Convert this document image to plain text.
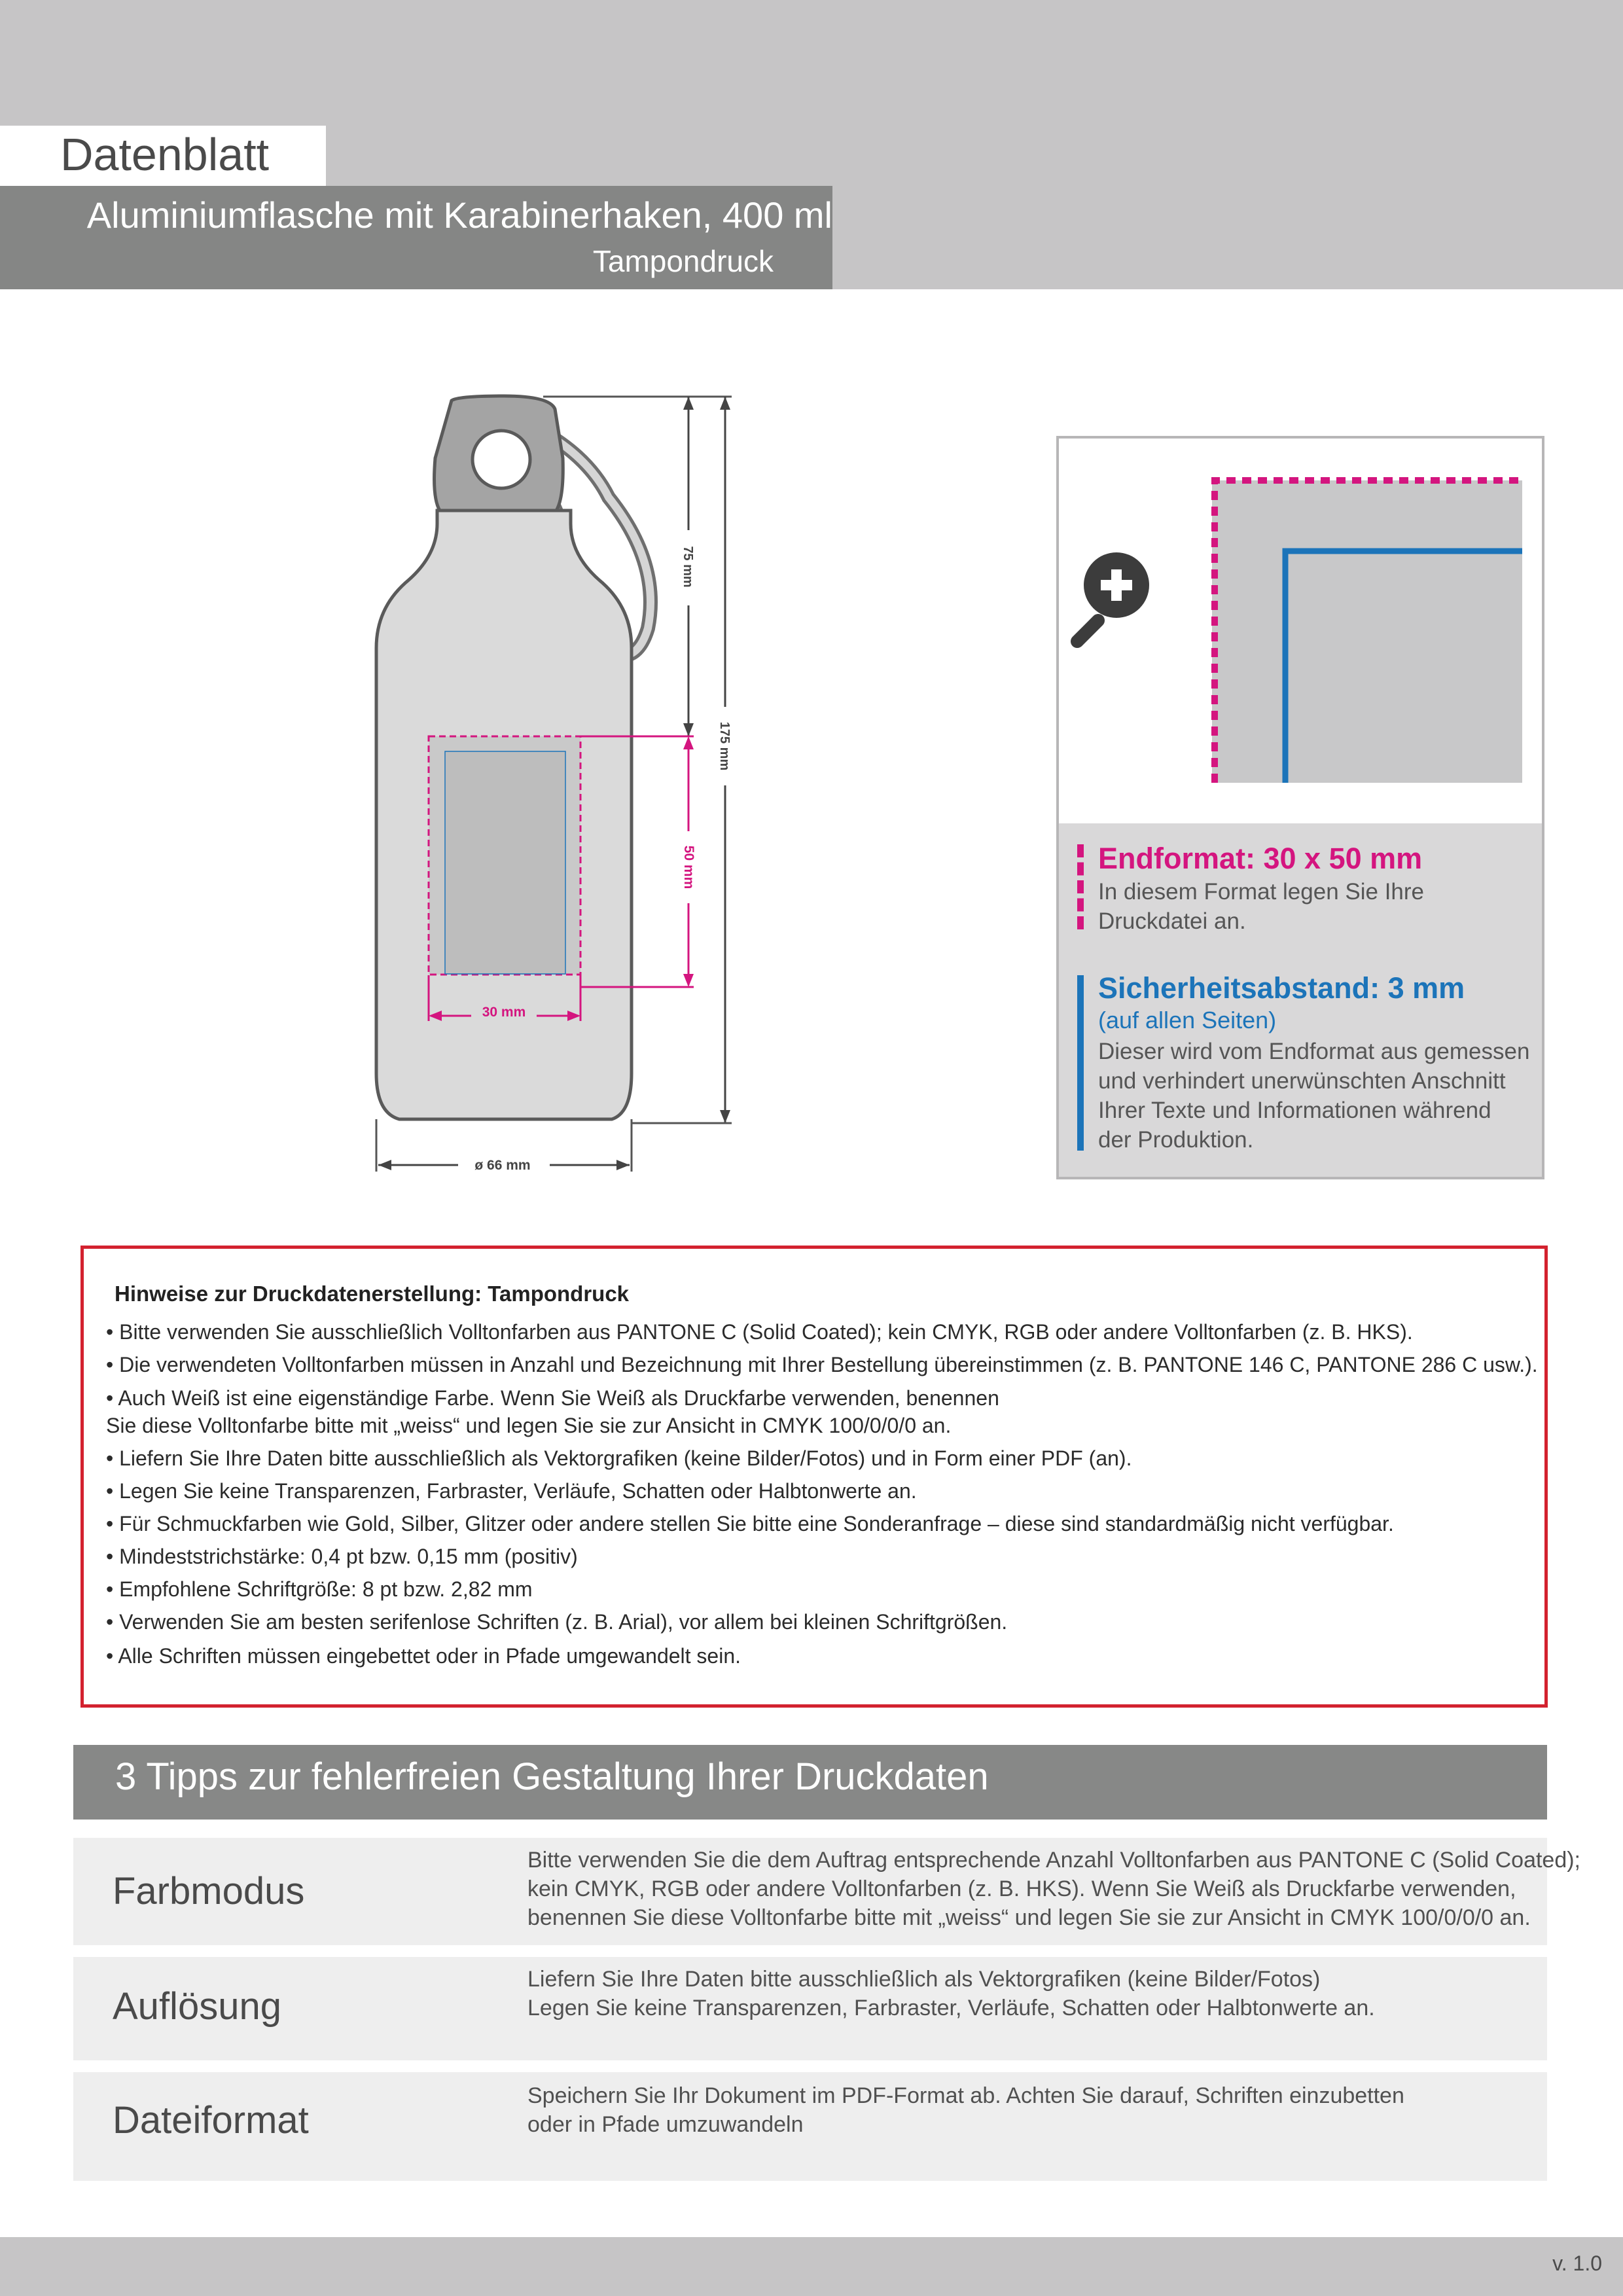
Datenblatt
Aluminiumflasche mit Karabinerhaken, 400 ml
Tampondruck
75 mm
175 mm
50 mm
30 mm
ø 66 mm
Endformat: 30 x 50 mm
In diesem Format legen Sie Ihre
Druckdatei an.
Sicherheitsabstand: 3 mm
(auf allen Seiten)
Dieser wird vom Endformat aus gemessen
und verhindert unerwünschten Anschnitt
Ihrer Texte und Informationen während
der Produktion.
Hinweise zur Druckdatenerstellung: Tampondruck
• Bitte verwenden Sie ausschließlich Volltonfarben aus PANTONE C (Solid Coated); kein CMYK, RGB oder andere Volltonfarben (z. B. HKS).
• Die verwendeten Volltonfarben müssen in Anzahl und Bezeichnung mit Ihrer Bestellung übereinstimmen (z. B. PANTONE 146 C, PANTONE 286 C usw.).
• Auch Weiß ist eine eigenständige Farbe. Wenn Sie Weiß als Druckfarbe verwenden, benennen
Sie diese Volltonfarbe bitte mit „weiss“ und legen Sie sie zur Ansicht in CMYK 100/0/0/0 an.
• Liefern Sie Ihre Daten bitte ausschließlich als Vektorgrafiken (keine Bilder/Fotos) und in Form einer PDF (an).
• Legen Sie keine Transparenzen, Farbraster, Verläufe, Schatten oder Halbtonwerte an.
• Für Schmuckfarben wie Gold, Silber, Glitzer oder andere stellen Sie bitte eine Sonderanfrage – diese sind standardmäßig nicht verfügbar.
• Mindeststrichstärke: 0,4 pt bzw. 0,15 mm (positiv)
• Empfohlene Schriftgröße: 8 pt bzw. 2,82 mm
• Verwenden Sie am besten serifenlose Schriften (z. B. Arial), vor allem bei kleinen Schriftgrößen.
• Alle Schriften müssen eingebettet oder in Pfade umgewandelt sein.
3 Tipps zur fehlerfreien Gestaltung Ihrer Druckdaten
Farbmodus
Bitte verwenden Sie die dem Auftrag entsprechende Anzahl Volltonfarben aus PANTONE C (Solid Coated);
kein CMYK, RGB oder andere Volltonfarben (z. B. HKS). Wenn Sie Weiß als Druckfarbe verwenden,
benennen Sie diese Volltonfarbe bitte mit „weiss“ und legen Sie sie zur Ansicht in CMYK 100/0/0/0 an.
Auflösung
Liefern Sie Ihre Daten bitte ausschließlich als Vektorgrafiken (keine Bilder/Fotos)
Legen Sie keine Transparenzen, Farbraster, Verläufe, Schatten oder Halbtonwerte an.
Dateiformat
Speichern Sie Ihr Dokument im PDF-Format ab. Achten Sie darauf, Schriften einzubetten
oder in Pfade umzuwandeln
v. 1.0
